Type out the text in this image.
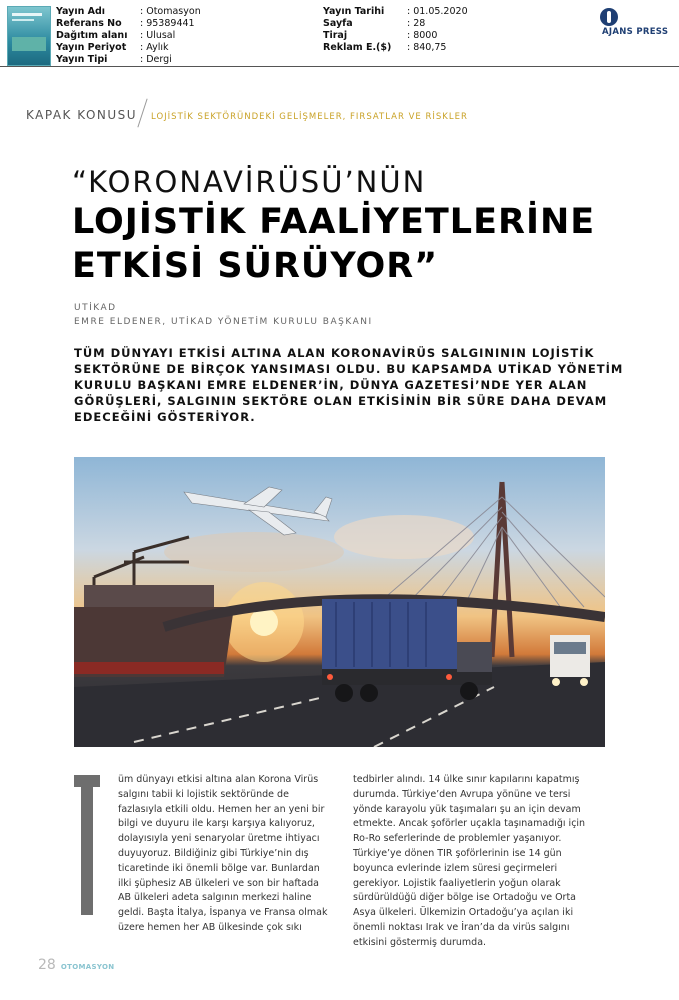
Yayın Adı	: Otomasyon
Referans No	: 95389441
Dağıtım alanı	: Ulusal
Yayın Periyot	: Aylık
Yayın Tipi	: Dergi
Yayın Tarihi	: 01.05.2020
Sayfa	: 28
Tiraj	: 8000
Reklam E.($)	: 840,75
AJANS PRESS
KAPAK KONUSU LOJİSTİK SEKTÖRÜNDEKİ GELİŞMELER, FIRSATLAR VE RİSKLER
“KORONAVİRÜSÜ’NÜN
LOJİSTİK FAALİYETLERİNE
ETKİSİ SÜRÜYOR”
UTİKAD
EMRE ELDENER, UTİKAD YÖNETİM KURULU BAŞKANI
TÜM DÜNYAYI ETKİSİ ALTINA ALAN KORONAVİRÜS SALGINININ LOJİSTİK SEKTÖRÜNE DE BİRÇOK YANSIMASI OLDU. BU KAPSAMDA UTİKAD YÖNETİM KURULU BAŞKANI EMRE ELDENER’İN, DÜNYA GAZETESİ’NDE YER ALAN GÖRÜŞLERİ, SALGININ SEKTÖRE OLAN ETKİSİNİN BİR SÜRE DAHA DEVAM EDECEĞİNİ GÖSTERİYOR.
üm dünyayı etkisi altına alan Korona Virüs salgını tabii ki lojistik sektöründe de fazlasıyla etkili oldu. Hemen her an yeni bir bilgi ve duyuru ile karşı karşıya kalıyoruz, dolayısıyla yeni senaryolar üretme ihtiyacı duyuyoruz. Bildiğiniz gibi Türkiye’nin dış ticaretinde iki önemli bölge var. Bunlardan ilki şüphesiz AB ülkeleri ve son bir haftada AB ülkeleri adeta salgının merkezi haline geldi. Başta İtalya, İspanya ve Fransa olmak üzere hemen her AB ülkesinde çok sıkı
tedbirler alındı. 14 ülke sınır kapılarını kapatmış durumda. Türkiye’den Avrupa yönüne ve tersi yönde karayolu yük taşımaları şu an için devam etmekte. Ancak şoförler uçakla taşınamadığı için Ro-Ro seferlerinde de problemler yaşanıyor. Türkiye’ye dönen TIR şoförlerinin ise 14 gün boyunca evlerinde izlem süresi geçirmeleri gerekiyor. Lojistik faaliyetlerin yoğun olarak sürdürüldüğü diğer bölge ise Ortadoğu ve Orta Asya ülkeleri. Ülkemizin Ortadoğu’ya açılan iki önemli noktası Irak ve İran’da da virüs salgını etkisini göstermiş durumda.
28 OTOMASYON
